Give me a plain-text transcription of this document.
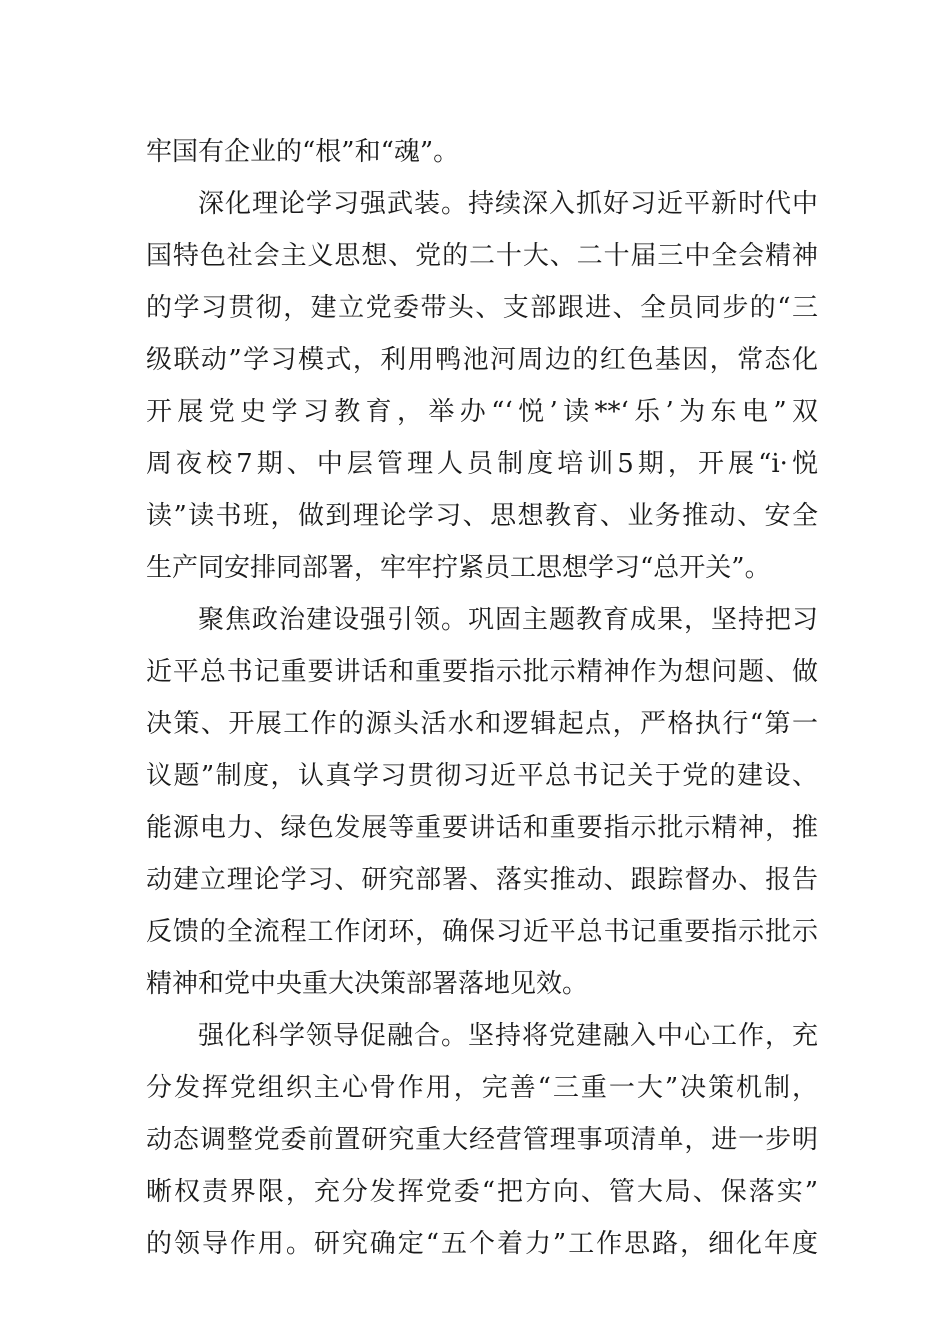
牢国有企业的“根”和“魂”。
深化理论学习强武装。持续深入抓好习近平新时代中
国特色社会主义思想、党的二十大、二十届三中全会精神
的学习贯彻，建立党委带头、支部跟进、全员同步的“三
级联动”学习模式，利用鸭池河周边的红色基因，常态化
开展党史学习教育，举办“‘悦’读**‘乐’为东电”双
周夜校7期、中层管理人员制度培训5期，开展“i·悦
读”读书班，做到理论学习、思想教育、业务推动、安全
生产同安排同部署，牢牢拧紧员工思想学习“总开关”。
聚焦政治建设强引领。巩固主题教育成果，坚持把习
近平总书记重要讲话和重要指示批示精神作为想问题、做
决策、开展工作的源头活水和逻辑起点，严格执行“第一
议题”制度，认真学习贯彻习近平总书记关于党的建设、
能源电力、绿色发展等重要讲话和重要指示批示精神，推
动建立理论学习、研究部署、落实推动、跟踪督办、报告
反馈的全流程工作闭环，确保习近平总书记重要指示批示
精神和党中央重大决策部署落地见效。
强化科学领导促融合。坚持将党建融入中心工作，充
分发挥党组织主心骨作用，完善“三重一大”决策机制，
动态调整党委前置研究重大经营管理事项清单，进一步明
晰权责界限，充分发挥党委“把方向、管大局、保落实”
的领导作用。研究确定“五个着力”工作思路，细化年度
